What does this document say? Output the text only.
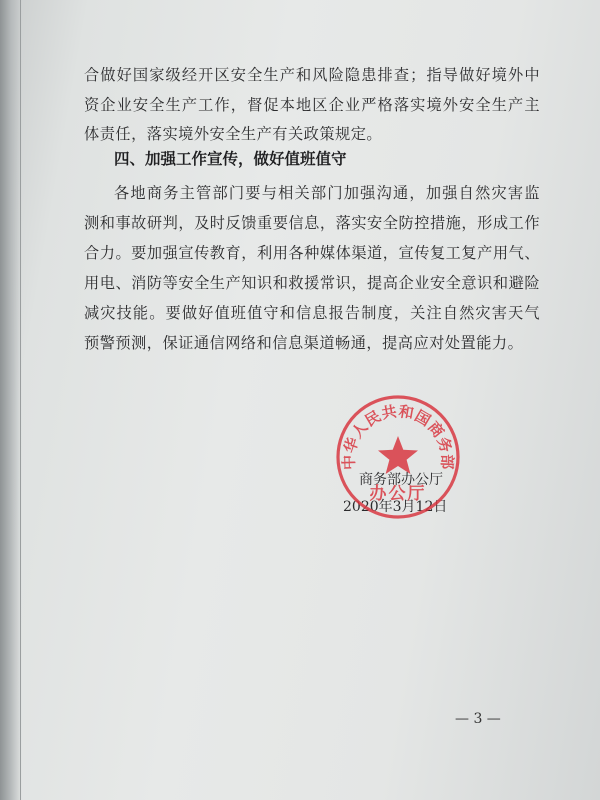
合做好国家级经开区安全生产和风险隐患排查；指导做好境外中
资企业安全生产工作，督促本地区企业严格落实境外安全生产主
体责任，落实境外安全生产有关政策规定。
四、加强工作宣传，做好值班值守
各地商务主管部门要与相关部门加强沟通，加强自然灾害监
测和事故研判，及时反馈重要信息，落实安全防控措施，形成工作
合力。要加强宣传教育，利用各种媒体渠道，宣传复工复产用气、
用电、消防等安全生产知识和救援常识，提高企业安全意识和避险
减灾技能。要做好值班值守和信息报告制度，关注自然灾害天气
预警预测，保证通信网络和信息渠道畅通，提高应对处置能力。
商务部办公厅
2020年3月12日
中华人民共和国商务部
办公厅
— 3 —
